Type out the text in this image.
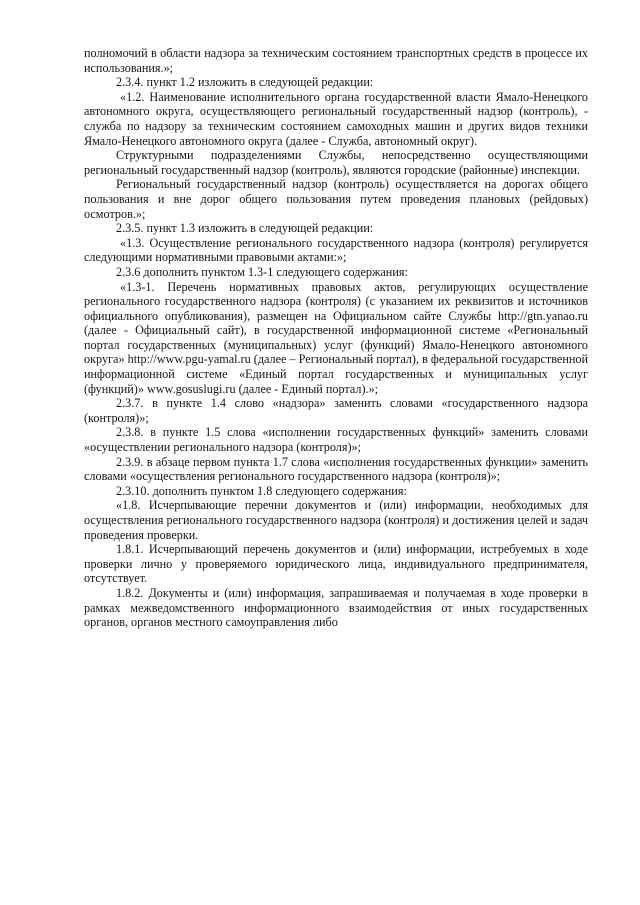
полномочий в области надзора за техническим состоянием транспортных средств в процессе их использования.»;

2.3.4. пункт 1.2 изложить в следующей редакции:

«1.2. Наименование исполнительного органа государственной власти Ямало-Ненецкого автономного округа, осуществляющего региональный государственный надзор (контроль), - служба по надзору за техническим состоянием самоходных машин и других видов техники Ямало-Ненецкого автономного округа (далее - Служба, автономный округ).

Структурными подразделениями Службы, непосредственно осуществляющими региональный государственный надзор (контроль), являются городские (районные) инспекции.

Региональный государственный надзор (контроль) осуществляется на дорогах общего пользования и вне дорог общего пользования путем проведения плановых (рейдовых) осмотров.»;

2.3.5. пункт 1.3 изложить в следующей редакции:

«1.3. Осуществление регионального государственного надзора (контроля) регулируется следующими нормативными правовыми актами:»;

2.3.6 дополнить пунктом 1.3-1 следующего содержания:

«1.3-1. Перечень нормативных правовых актов, регулирующих осуществление регионального государственного надзора (контроля) (с указанием их реквизитов и источников официального опубликования), размещен на Официальном сайте Службы http://gtn.yanao.ru (далее - Официальный сайт), в государственной информационной системе «Региональный портал государственных (муниципальных) услуг (функций) Ямало-Ненецкого автономного округа» http://www.pgu-yamal.ru (далее – Региональный портал), в федеральной государственной информационной системе «Единый портал государственных и муниципальных услуг (функций)» www.gosuslugi.ru (далее - Единый портал).»;

2.3.7. в пункте 1.4 слово «надзора» заменить словами «государственного надзора (контроля)»;

2.3.8. в пункте 1.5 слова «исполнении государственных функций» заменить словами «осуществлении регионального надзора (контроля)»;

2.3.9. в абзаце первом пункта 1.7 слова «исполнения государственных функции» заменить словами «осуществления регионального государственного надзора (контроля)»;

2.3.10. дополнить пунктом 1.8 следующего содержания:

«1.8. Исчерпывающие перечни документов и (или) информации, необходимых для осуществления регионального государственного надзора (контроля) и достижения целей и задач проведения проверки.

1.8.1. Исчерпывающий перечень документов и (или) информации, истребуемых в ходе проверки лично у проверяемого юридического лица, индивидуального предпринимателя, отсутствует.

1.8.2. Документы и (или) информация, запрашиваемая и получаемая в ходе проверки в рамках межведомственного информационного взаимодействия от иных государственных органов, органов местного самоуправления либо
